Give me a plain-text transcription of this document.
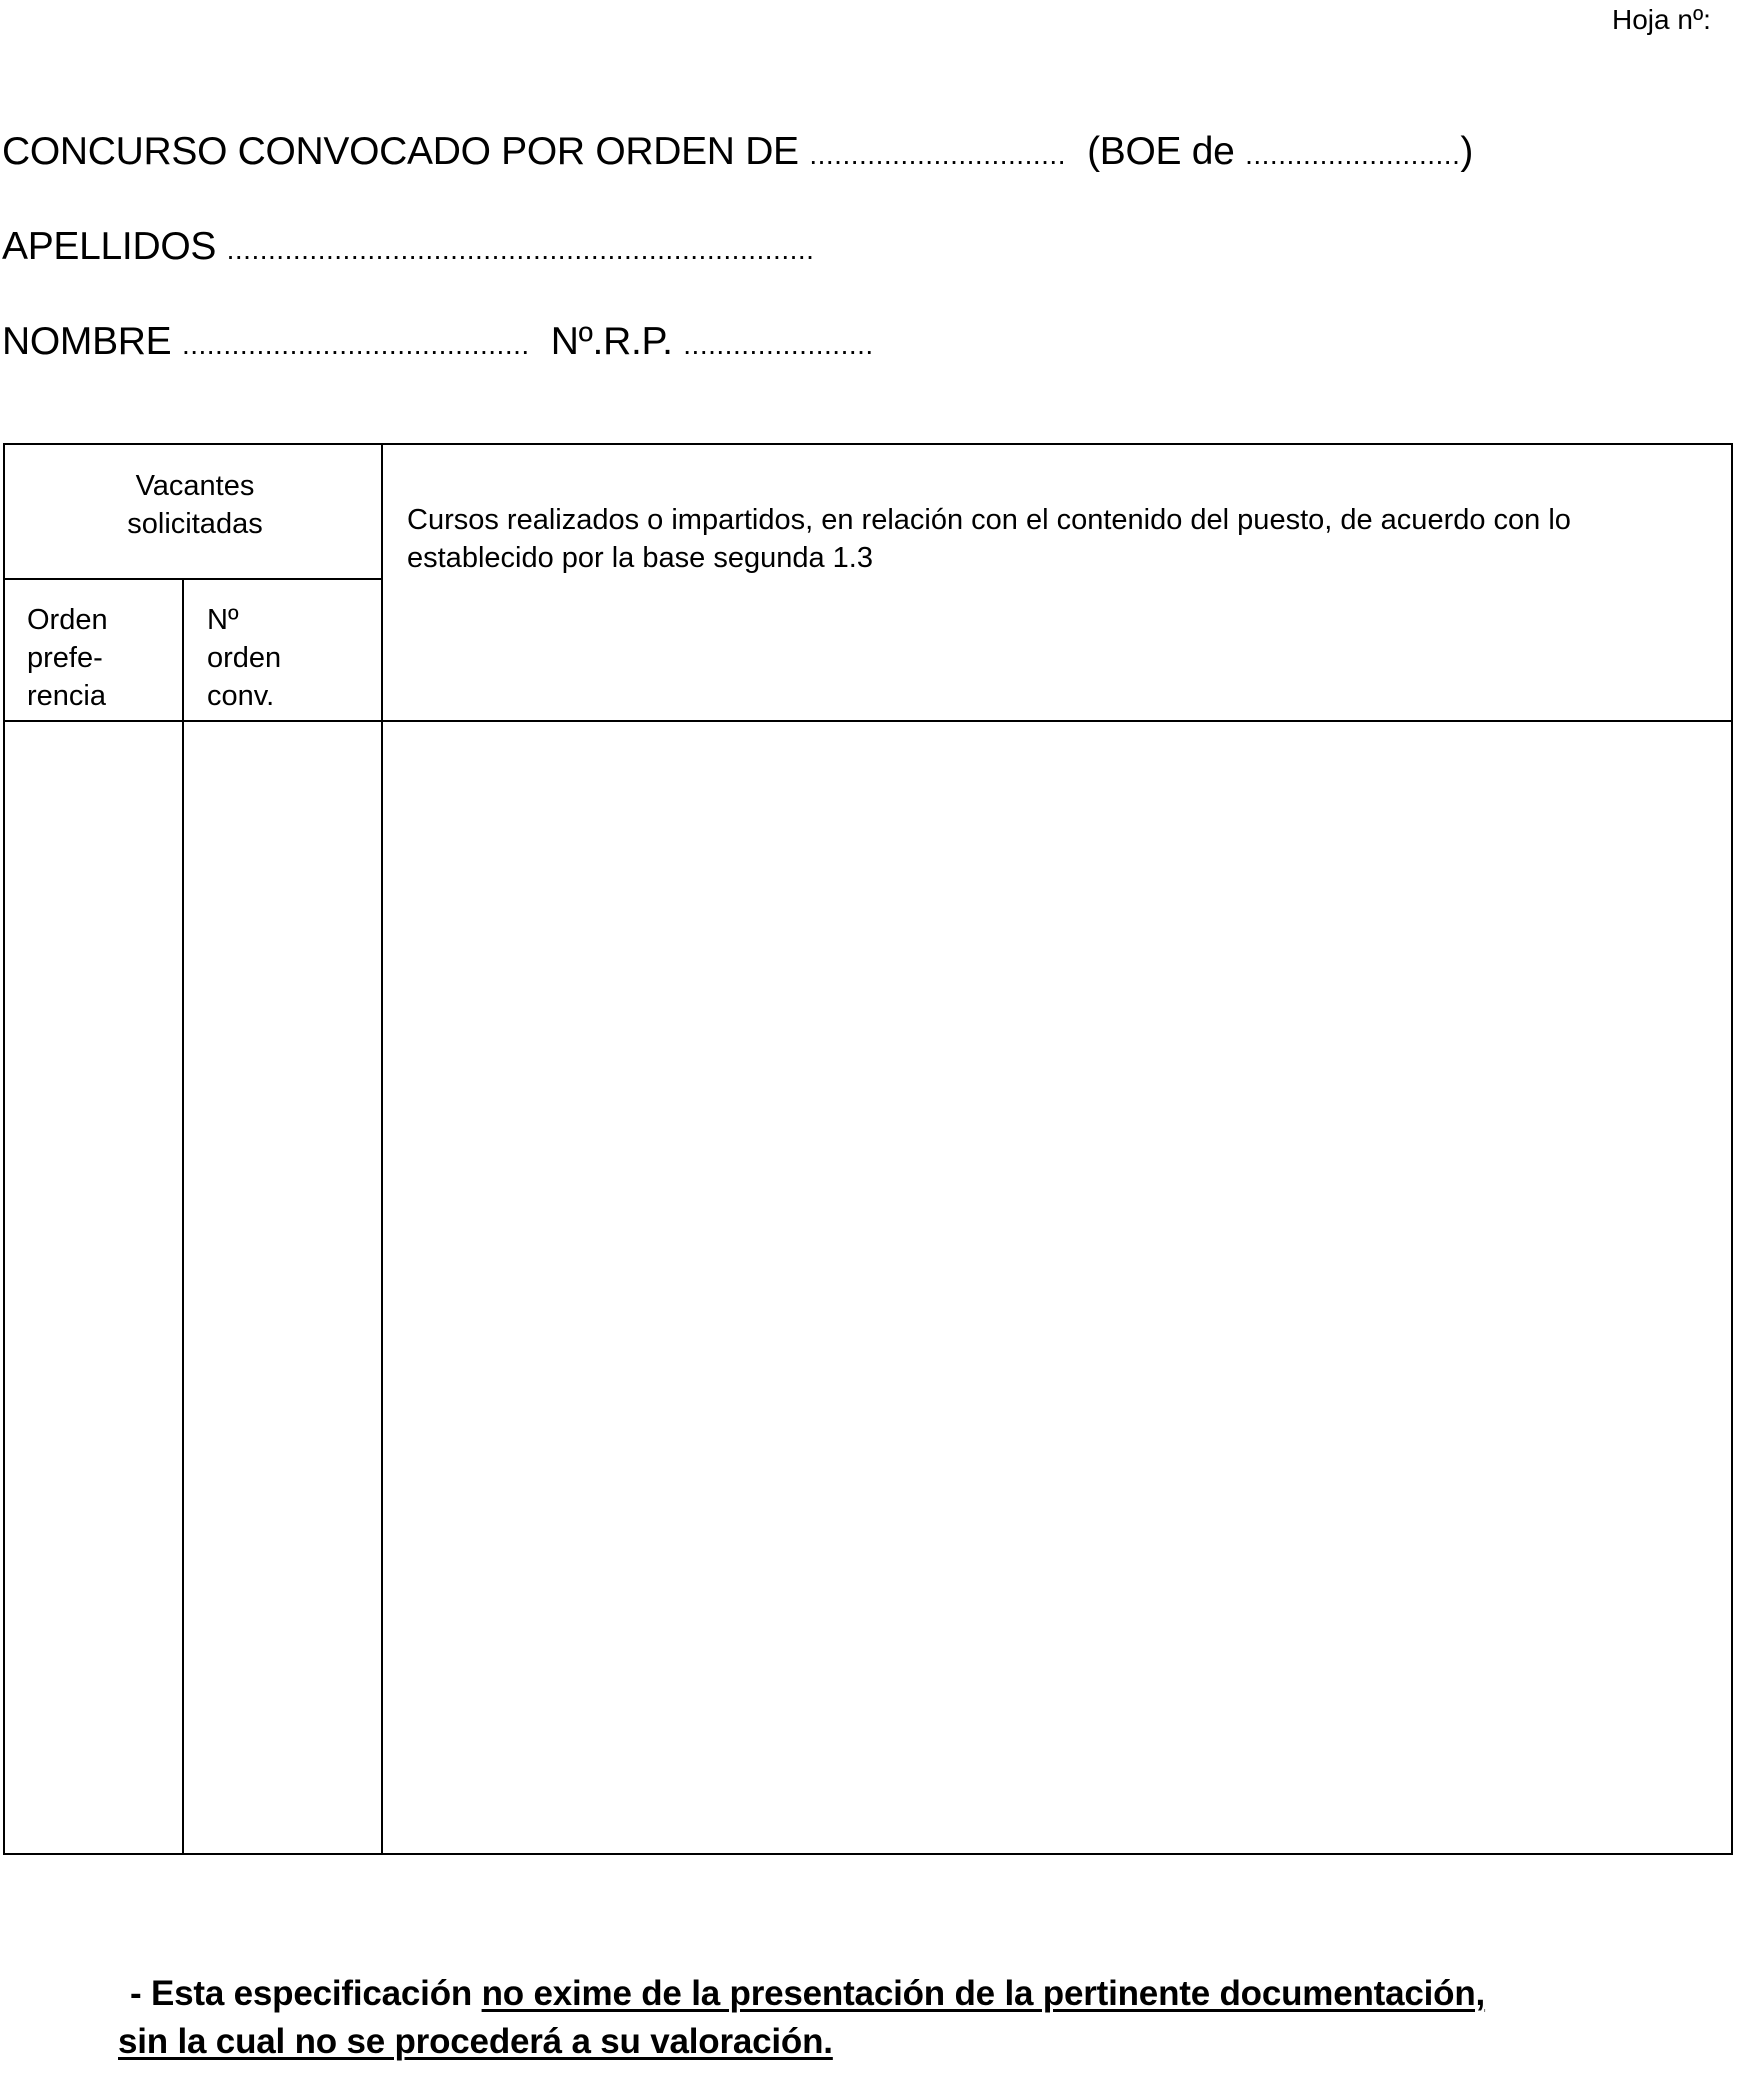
Hoja nº:
CONCURSO CONVOCADO POR ORDEN DE ............................... (BOE de ..........................)
APELLIDOS .......................................................................
NOMBRE .......................................... Nº.R.P. .......................
Vacantes
solicitadas
Orden
prefe-
rencia
Nº
orden
conv.
Cursos realizados o impartidos, en relación con el contenido del puesto, de acuerdo con lo establecido por la base segunda 1.3
- Esta especificación no exime de la presentación de la pertinente documentación,
sin la cual no se procederá a su valoración.
